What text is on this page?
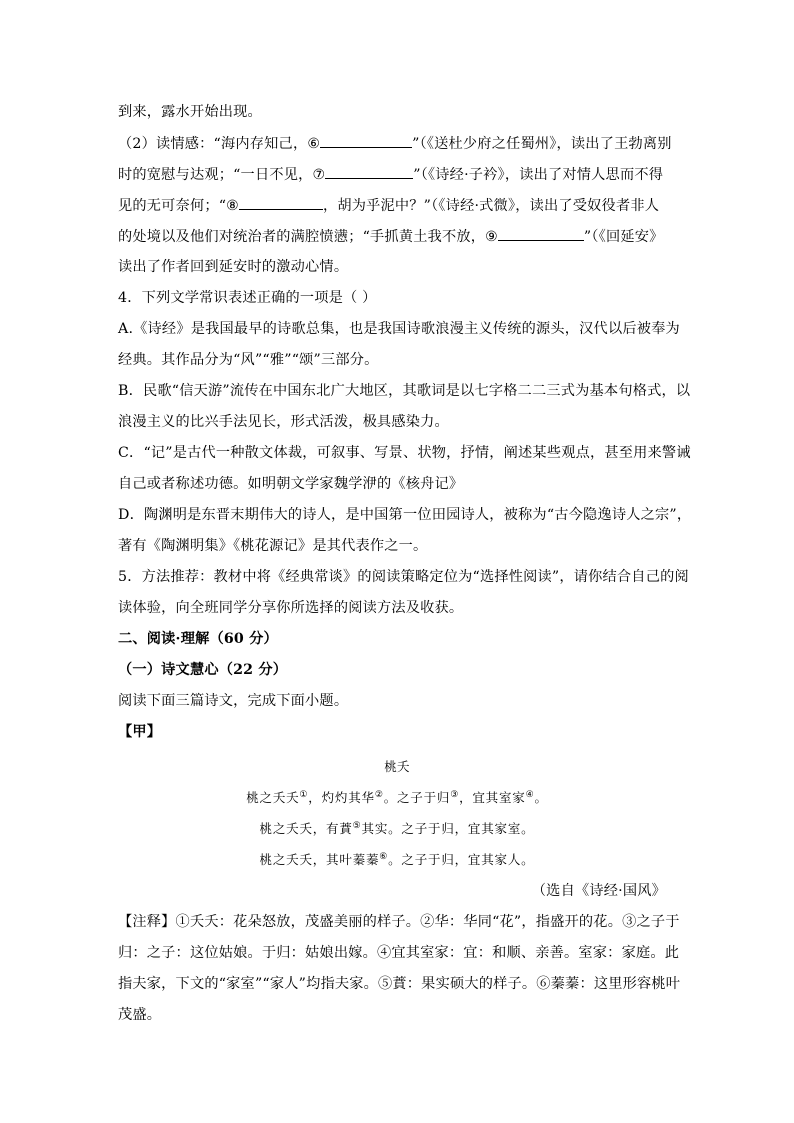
到来，露水开始出现。
（2）读情感：“海内存知己，⑥	”（《送杜少府之任蜀州》，读出了王勃离别
时的宽慰与达观；“一日不见，⑦	”（《诗经·子衿》，读出了对情人思而不得
见的无可奈何；“⑧	，胡为乎泥中？”（《诗经·式微》，读出了受奴役者非人
的处境以及他们对统治者的满腔愤懑；“手抓黄土我不放，⑨	”（《回延安》
读出了作者回到延安时的激动心情。
4．下列文学常识表述正确的一项是（ ）
A.《诗经》是我国最早的诗歌总集，也是我国诗歌浪漫主义传统的源头，汉代以后被奉为
经典。其作品分为“风”“雅”“颂”三部分。
B．民歌“信天游”流传在中国东北广大地区，其歌词是以七字格二二三式为基本句格式，以
浪漫主义的比兴手法见长，形式活泼，极具感染力。
C．“记”是古代一种散文体裁，可叙事、写景、状物，抒情，阐述某些观点，甚至用来警诫
自己或者称述功德。如明朝文学家魏学洢的《核舟记》
D．陶渊明是东晋末期伟大的诗人，是中国第一位田园诗人，被称为“古今隐逸诗人之宗”，
著有《陶渊明集》《桃花源记》是其代表作之一。
5．方法推荐：教材中将《经典常谈》的阅读策略定位为“选择性阅读”，请你结合自己的阅
读体验，向全班同学分享你所选择的阅读方法及收获。
二、阅读·理解（60 分）
（一）诗文慧心（22 分）
阅读下面三篇诗文，完成下面小题。
【甲】
桃夭
桃之夭夭①，灼灼其华②。之子于归③，宜其室家④。
桃之夭夭，有蕡⑤其实。之子于归，宜其家室。
桃之夭夭，其叶蓁蓁⑥。之子于归，宜其家人。
（选自《诗经·国风》
【注释】①夭夭：花朵怒放，茂盛美丽的样子。②华：华同“花”，指盛开的花。③之子于
归：之子：这位姑娘。于归：姑娘出嫁。④宜其室家：宜：和顺、亲善。室家：家庭。此
指夫家，下文的“家室”“家人”均指夫家。⑤蕡：果实硕大的样子。⑥蓁蓁：这里形容桃叶
茂盛。
